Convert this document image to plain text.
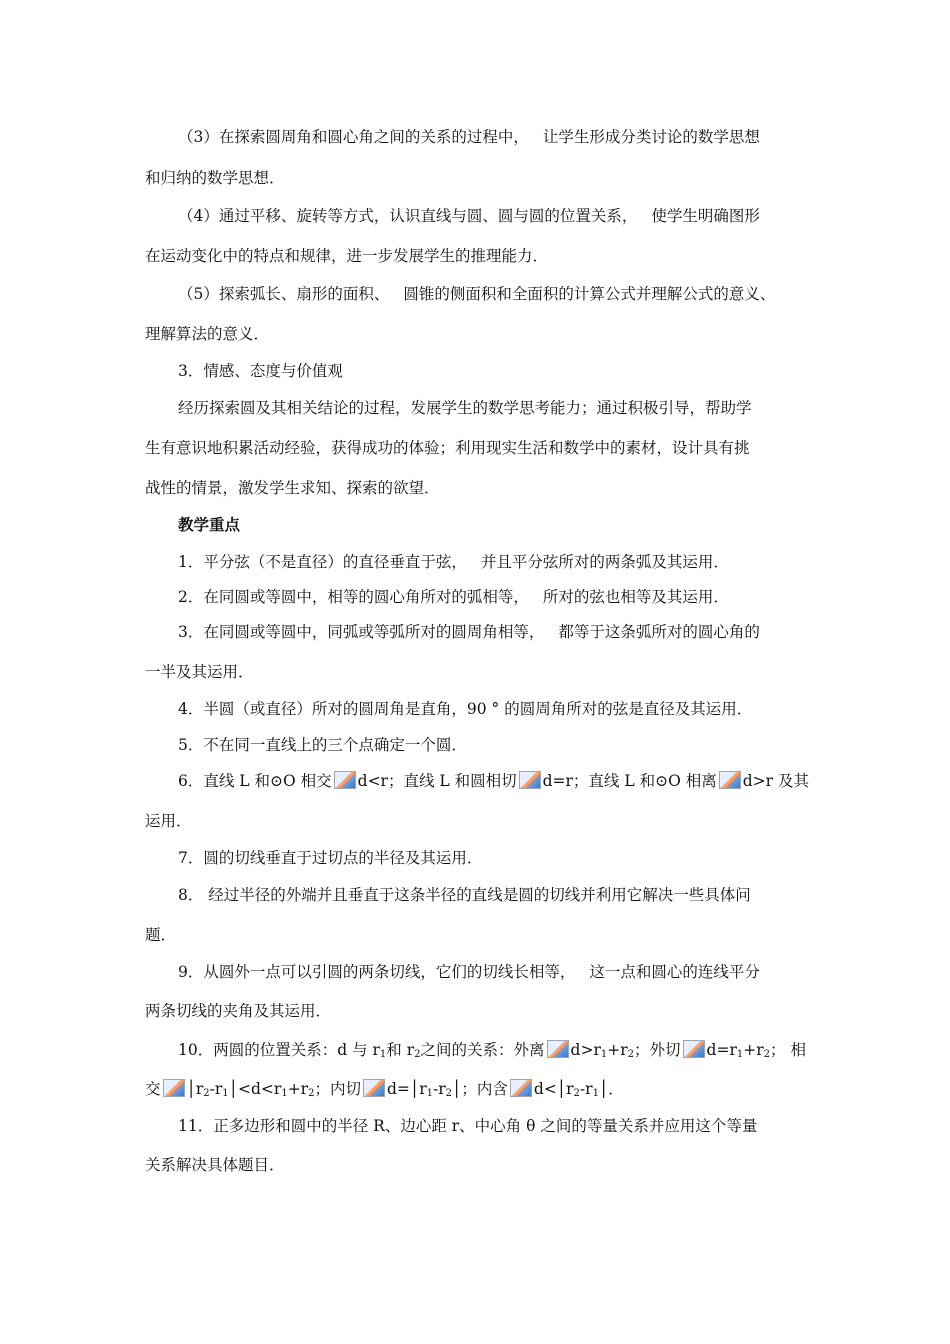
（3）在探索圆周角和圆心角之间的关系的过程中， 让学生形成分类讨论的数学思想
和归纳的数学思想．
（4）通过平移、旋转等方式，认识直线与圆、圆与圆的位置关系， 使学生明确图形
在运动变化中的特点和规律，进一步发展学生的推理能力．
（5）探索弧长、扇形的面积、 圆锥的侧面积和全面积的计算公式并理解公式的意义、
理解算法的意义．
3．情感、态度与价值观
经历探索圆及其相关结论的过程，发展学生的数学思考能力；通过积极引导，帮助学
生有意识地积累活动经验，获得成功的体验；利用现实生活和数学中的素材，设计具有挑
战性的情景，激发学生求知、探索的欲望．
教学重点
1．平分弦（不是直径）的直径垂直于弦， 并且平分弦所对的两条弧及其运用．
2．在同圆或等圆中，相等的圆心角所对的弧相等， 所对的弦也相等及其运用．
3．在同圆或等圆中，同弧或等弧所对的圆周角相等， 都等于这条弧所对的圆心角的
一半及其运用．
4．半圆（或直径）所对的圆周角是直角，90 ° 的圆周角所对的弦是直径及其运用．
5．不在同一直线上的三个点确定一个圆．
6．直线 L 和⊙O 相交 d<r；直线 L 和圆相切 d=r；直线 L 和⊙O 相离 d>r 及其
运用．
7．圆的切线垂直于过切点的半径及其运用．
8． 经过半径的外端并且垂直于这条半径的直线是圆的切线并利用它解决一些具体问
题．
9．从圆外一点可以引圆的两条切线，它们的切线长相等， 这一点和圆心的连线平分
两条切线的夹角及其运用．
10．两圆的位置关系：d 与 $r_1$和 $r_2$之间的关系：外离 $d>r_1+r_2$；外切 $d=r_1+r_2$； 相
交 $│r_2-r_1│<d<r_1+r_2$；内切 $d=│r_1-r_2│$；内含 $d<│r_2-r_1│$．
11．正多边形和圆中的半径 R、边心距 r、中心角 θ 之间的等量关系并应用这个等量
关系解决具体题目．
